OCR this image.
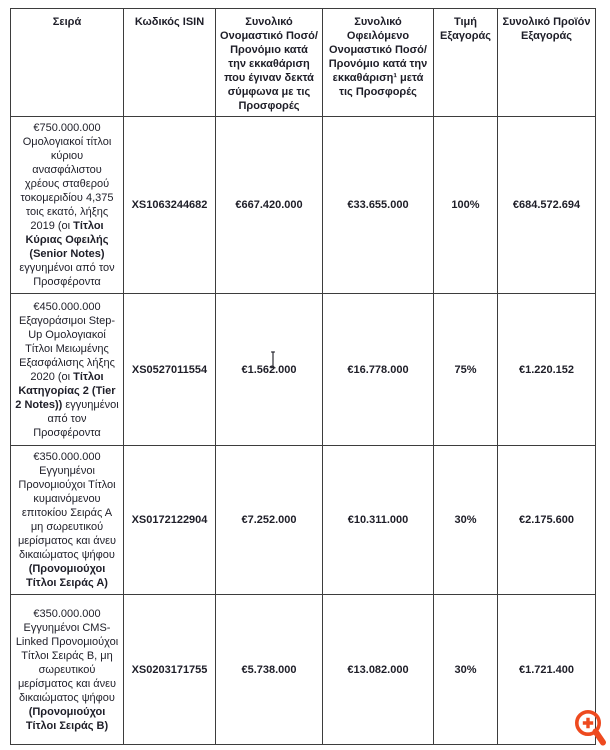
Σειρά	Κωδικός ISIN	Συνολικό Ονομαστικό Ποσό/ Προνόμιο κατά την εκκαθάριση που έγιναν δεκτά σύμφωνα με τις Προσφορές	Συνολικό Οφειλόμενο Ονομαστικό Ποσό/ Προνόμιο κατά την εκκαθάριση¹ μετά τις Προσφορές	Τιμή Εξαγοράς	Συνολικό Προϊόν Εξαγοράς
€750.000.000 Ομολογιακοί τίτλοι κύριου ανασφάλιστου χρέους σταθερού τοκομεριδίου 4,375 τοις εκατό, λήξης 2019 (οι Τίτλοι Κύριας Οφειλής (Senior Notes) εγγυημένοι από τον Προσφέροντα	XS1063244682	€667.420.000	€33.655.000	100%	€684.572.694
€450.000.000 Εξαγοράσιμοι Step-Up Ομολογιακοί Τίτλοι Μειωμένης Εξασφάλισης λήξης 2020 (οι Τίτλοι Κατηγορίας 2 (Tier 2 Notes)) εγγυημένοι από τον Προσφέροντα	XS0527011554	€1.562.000	€16.778.000	75%	€1.220.152
€350.000.000 Εγγυημένοι Προνομιούχοι Τίτλοι κυμαινόμενου επιτοκίου Σειράς Α μη σωρευτικού μερίσματος και άνευ δικαιώματος ψήφου (Προνομιούχοι Τίτλοι Σειράς Α)	XS0172122904	€7.252.000	€10.311.000	30%	€2.175.600
€350.000.000 Εγγυημένοι CMS-Linked Προνομιούχοι Τίτλοι Σειράς Β, μη σωρευτικού μερίσματος και άνευ δικαιώματος ψήφου (Προνομιούχοι Τίτλοι Σειράς Β)	XS0203171755	€5.738.000	€13.082.000	30%	€1.721.400
